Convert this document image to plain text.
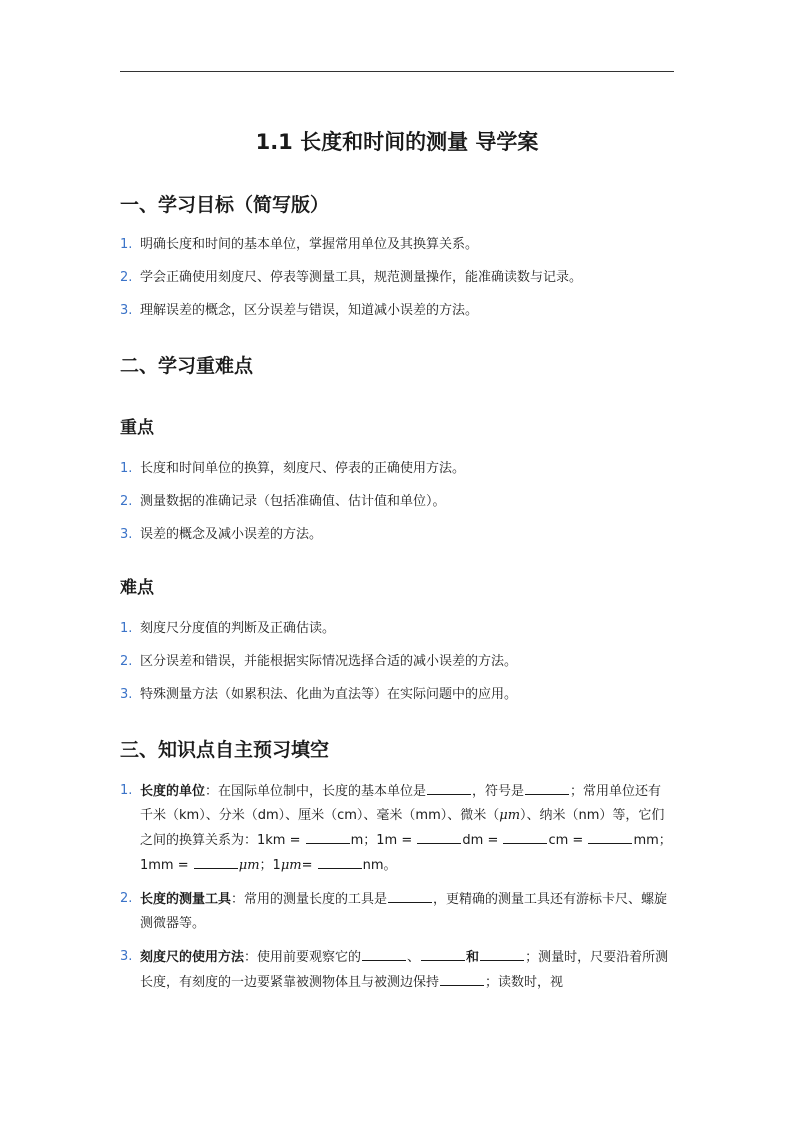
1.1 长度和时间的测量 导学案
一、学习目标（简写版）
1. 明确长度和时间的基本单位，掌握常用单位及其换算关系。
2. 学会正确使用刻度尺、停表等测量工具，规范测量操作，能准确读数与记录。
3. 理解误差的概念，区分误差与错误，知道减小误差的方法。
二、学习重难点
重点
1. 长度和时间单位的换算，刻度尺、停表的正确使用方法。
2. 测量数据的准确记录（包括准确值、估计值和单位）。
3. 误差的概念及减小误差的方法。
难点
1. 刻度尺分度值的判断及正确估读。
2. 区分误差和错误，并能根据实际情况选择合适的减小误差的方法。
3. 特殊测量方法（如累积法、化曲为直法等）在实际问题中的应用。
三、知识点自主预习填空
1. 长度的单位：在国际单位制中，长度的基本单位是	，符号是	；常用单位还有千米（km）、分米（dm）、厘米（cm）、毫米（mm）、微米（μm）、纳米（nm）等，它们之间的换算关系为：1km =	m；1m =	dm =	cm =	mm；1mm =	μm；1μm=	nm。
2. 长度的测量工具：常用的测量长度的工具是	，更精确的测量工具还有游标卡尺、螺旋测微器等。
3. 刻度尺的使用方法：使用前要观察它的	、	和	；测量时，尺要沿着所测长度，有刻度的一边要紧靠被测物体且与被测边保持	；读数时，视
